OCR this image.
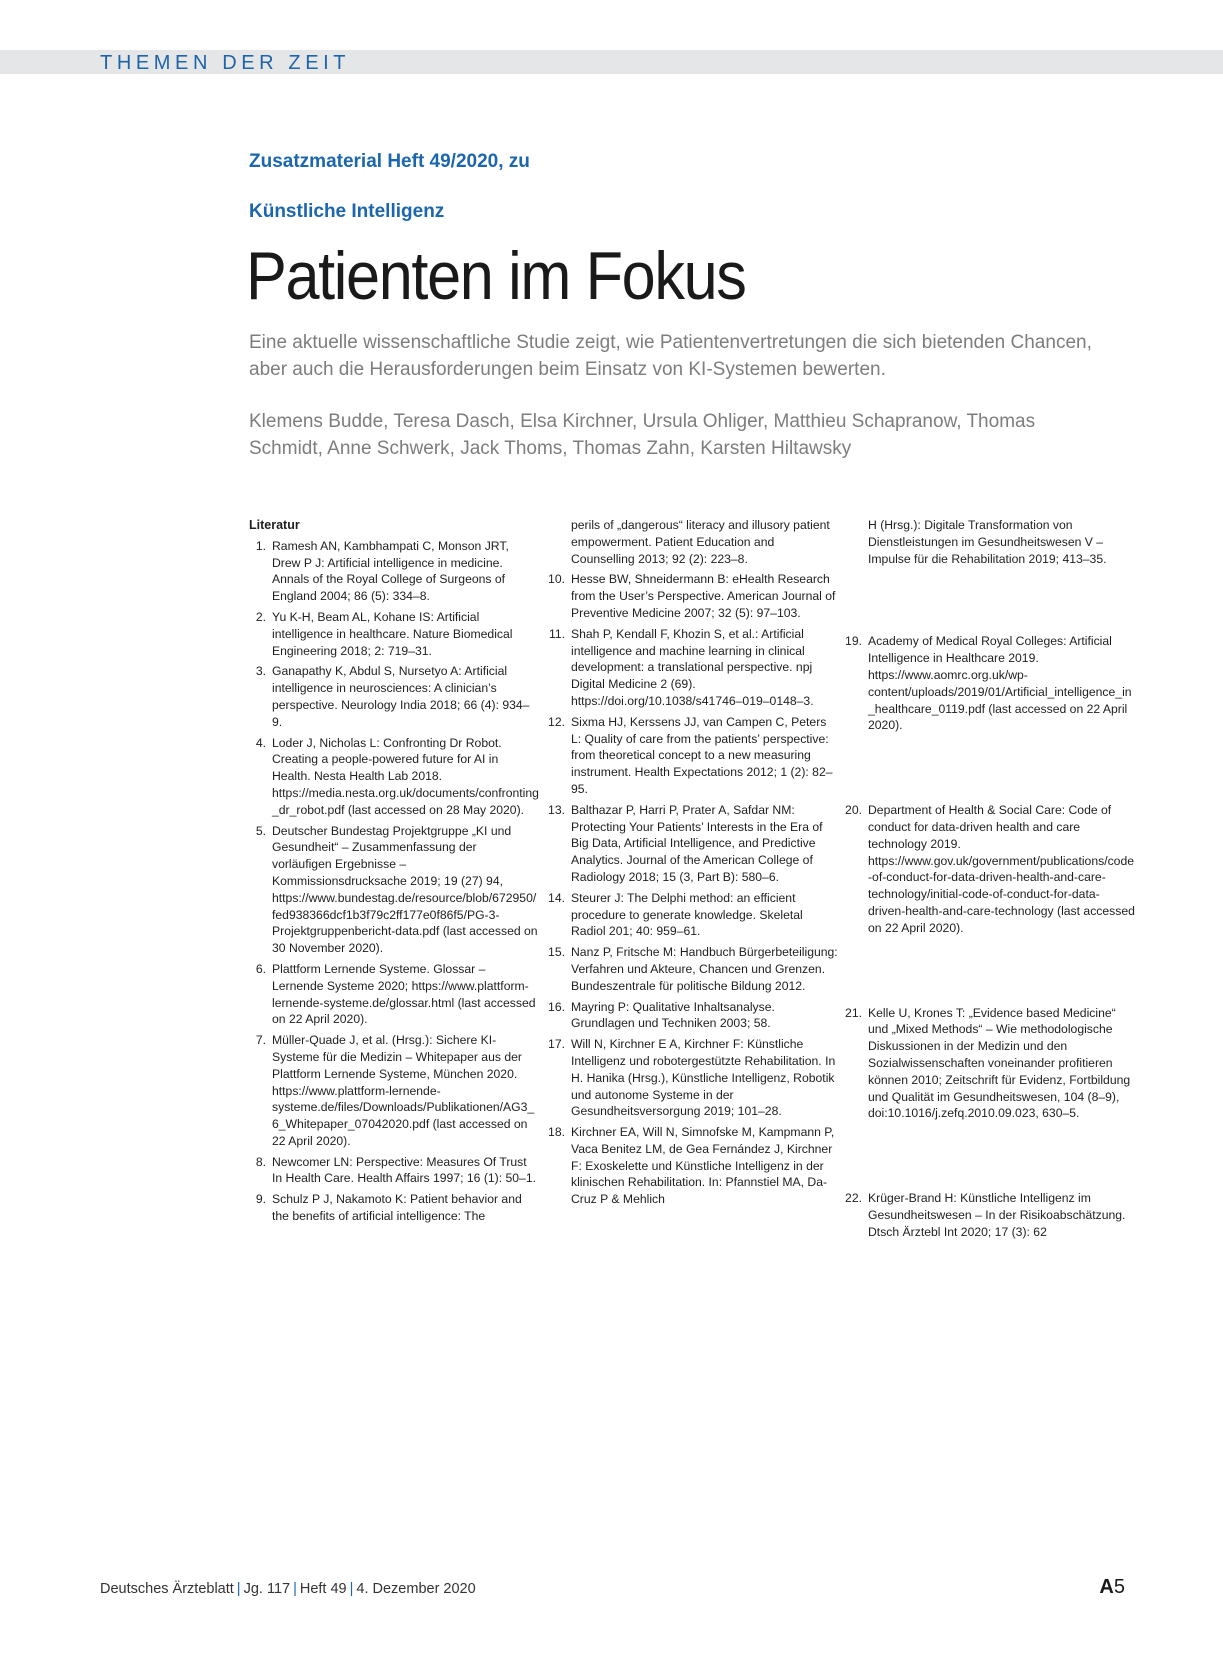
THEMEN DER ZEIT
Zusatzmaterial Heft 49/2020, zu
Künstliche Intelligenz
Patienten im Fokus
Eine aktuelle wissenschaftliche Studie zeigt, wie Patientenvertretungen die sich bietenden Chancen, aber auch die Herausforderungen beim Einsatz von KI-Systemen bewerten.
Klemens Budde, Teresa Dasch, Elsa Kirchner, Ursula Ohliger, Matthieu Schapranow, Thomas Schmidt, Anne Schwerk, Jack Thoms, Thomas Zahn, Karsten Hiltawsky
Literatur
1. Ramesh AN, Kambhampati C, Monson JRT, Drew P J: Artificial intelligence in medicine. Annals of the Royal College of Surgeons of England 2004; 86 (5): 334–8.
2. Yu K-H, Beam AL, Kohane IS: Artificial intelligence in healthcare. Nature Biomedical Engineering 2018; 2: 719–31.
3. Ganapathy K, Abdul S, Nursetyo A: Artificial intelligence in neurosciences: A clinician’s perspective. Neurology India 2018; 66 (4): 934–9.
4. Loder J, Nicholas L: Confronting Dr Robot. Creating a people-powered future for AI in Health. Nesta Health Lab 2018. https://media.nesta.org.uk/documents/confronting_dr_robot.pdf (last accessed on 28 May 2020).
5. Deutscher Bundestag Projektgruppe „KI und Gesundheit“ – Zusammenfassung der vorläufigen Ergebnisse – Kommissionsdrucksache 2019; 19 (27) 94, https://www.bundestag.de/resource/blob/672950/fed938366dcf1b3f79c2ff177e0f86f5/PG-3-Projektgruppenbericht-data.pdf (last accessed on 30 November 2020).
6. Plattform Lernende Systeme. Glossar – Lernende Systeme 2020; https://www.plattform-lernende-systeme.de/glossar.html (last accessed on 22 April 2020).
7. Müller-Quade J, et al. (Hrsg.): Sichere KI-Systeme für die Medizin – Whitepaper aus der Plattform Lernende Systeme, München 2020. https://www.plattform-lernende-systeme.de/files/Downloads/Publikationen/AG3_6_Whitepaper_07042020.pdf (last accessed on 22 April 2020).
8. Newcomer LN: Perspective: Measures Of Trust In Health Care. Health Affairs 1997; 16 (1): 50–1.
9. Schulz P J, Nakamoto K: Patient behavior and the benefits of artificial intelligence: The
perils of „dangerous“ literacy and illusory patient empowerment. Patient Education and Counselling 2013; 92 (2): 223–8.
10. Hesse BW, Shneidermann B: eHealth Research from the User’s Perspective. American Journal of Preventive Medicine 2007; 32 (5): 97–103.
11. Shah P, Kendall F, Khozin S, et al.: Artificial intelligence and machine learning in clinical development: a translational perspective. npj Digital Medicine 2 (69). https://doi.org/10.1038/s41746–019–0148–3.
12. Sixma HJ, Kerssens JJ, van Campen C, Peters L: Quality of care from the patients’ perspective: from theoretical concept to a new measuring instrument. Health Expectations 2012; 1 (2): 82–95.
13. Balthazar P, Harri P, Prater A, Safdar NM: Protecting Your Patients’ Interests in the Era of Big Data, Artificial Intelligence, and Predictive Analytics. Journal of the American College of Radiology 2018; 15 (3, Part B): 580–6.
14. Steurer J: The Delphi method: an efficient procedure to generate knowledge. Skeletal Radiol 201; 40: 959–61.
15. Nanz P, Fritsche M: Handbuch Bürgerbeteiligung: Verfahren und Akteure, Chancen und Grenzen. Bundeszentrale für politische Bildung 2012.
16. Mayring P: Qualitative Inhaltsanalyse. Grundlagen und Techniken 2003; 58.
17. Will N, Kirchner E A, Kirchner F: Künstliche Intelligenz und robotergestützte Rehabilitation. In H. Hanika (Hrsg.), Künstliche Intelligenz, Robotik und autonome Systeme in der Gesundheitsversorgung 2019; 101–28.
18. Kirchner EA, Will N, Simnofske M, Kampmann P, Vaca Benitez LM, de Gea Fernández J, Kirchner F: Exoskelette und Künstliche Intelligenz in der klinischen Rehabilitation. In: Pfannstiel MA, Da-Cruz P & Mehlich
H (Hrsg.): Digitale Transformation von Dienstleistungen im Gesundheitswesen V – Impulse für die Rehabilitation 2019; 413–35.
19. Academy of Medical Royal Colleges: Artificial Intelligence in Healthcare 2019. https://www.aomrc.org.uk/wp-content/uploads/2019/01/Artificial_intelligence_in_healthcare_0119.pdf (last accessed on 22 April 2020).
20. Department of Health & Social Care: Code of conduct for data-driven health and care technology 2019. https://www.gov.uk/government/publications/code-of-conduct-for-data-driven-health-and-care-technology/initial-code-of-conduct-for-data-driven-health-and-care-technology (last accessed on 22 April 2020).
21. Kelle U, Krones T: „Evidence based Medicine“ und „Mixed Methods“ – Wie methodologische Diskussionen in der Medizin und den Sozialwissenschaften voneinander profitieren können 2010; Zeitschrift für Evidenz, Fortbildung und Qualität im Gesundheitswesen, 104 (8–9), doi:10.1016/j.zefq.2010.09.023, 630–5.
22. Krüger-Brand H: Künstliche Intelligenz im Gesundheitswesen – In der Risikoabschätzung. Dtsch Ärztebl Int 2020; 17 (3): 62
Deutsches Ärzteblatt | Jg. 117 | Heft 49 | 4. Dezember 2020	A5
